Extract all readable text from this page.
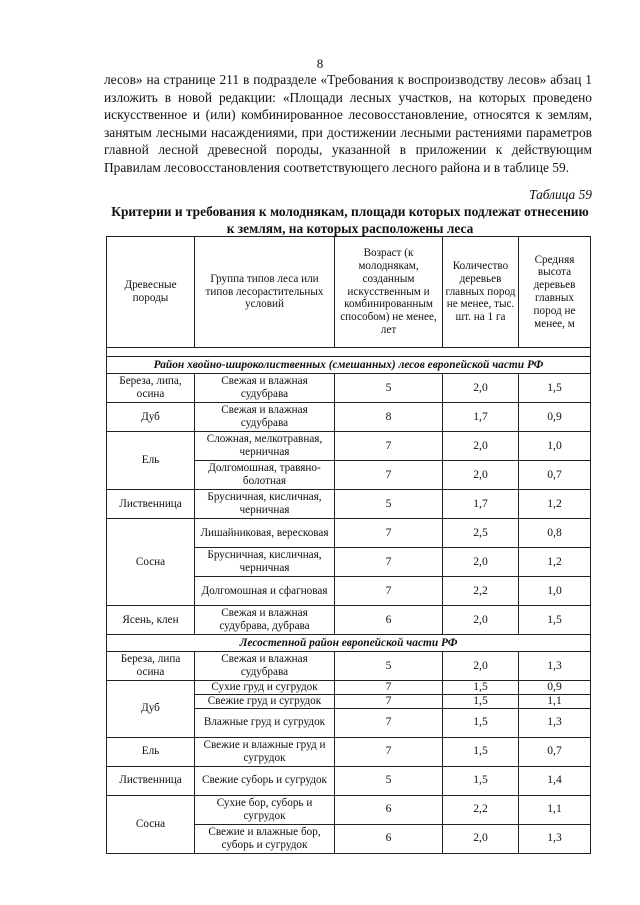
8

лесов» на странице 211 в подразделе «Требования к воспроизводству лесов» абзац 1 изложить в новой редакции: «Площади лесных участков, на которых проведено искусственное и (или) комбинированное лесовосстановление, относятся к землям, занятым лесными насаждениями, при достижении лесными растениями параметров главной лесной древесной породы, указанной в приложении к действующим Правилам лесовосстановления соответствующего лесного района и в таблице 59.

Таблица 59
Критерии и требования к молоднякам, площади которых подлежат отнесению к землям, на которых расположены леса
Древесные породы	Группа типов леса или типов лесорастительных условий	Возраст (к молоднякам, созданным искусственным и комбинированным способом) не менее, лет	Количество деревьев главных пород не менее, тыс. шт. на 1 га	Средняя высота деревьев главных пород не менее, м

Район хвойно-широколиственных (смешанных) лесов европейской части РФ				
Береза, липа, осина	Свежая и влажная судубрава	5	2,0	1,5
Дуб	Свежая и влажная судубрава	8	1,7	0,9
Ель	Сложная, мелкотравная, черничная	7	2,0	1,0
	Долгомошная, травяно-болотная	7	2,0	0,7
Лиственница	Брусничная, кисличная, черничная	5	1,7	1,2
Сосна	Лишайниковая, вересковая	7	2,5	0,8
	Брусничная, кисличная, черничная	7	2,0	1,2
	Долгомошная и сфагновая	7	2,2	1,0
Ясень, клен	Свежая и влажная судубрава, дубрава	6	2,0	1,5
Лесостепной район европейской части РФ				
Береза, липа осина	Свежая и влажная судубрава	5	2,0	1,3
Дуб	Сухие груд и сугрудок	7	1,5	0,9
	Свежие груд и сугрудок	7	1,5	1,1
	Влажные груд и сугрудок	7	1,5	1,3
Ель	Свежие и влажные груд и сугрудок	7	1,5	0,7
Лиственница	Свежие суборь и сугрудок	5	1,5	1,4
Сосна	Сухие бор, суборь и сугрудок	6	2,2	1,1
	Свежие и влажные бор, суборь и сугрудок	6	2,0	1,3
